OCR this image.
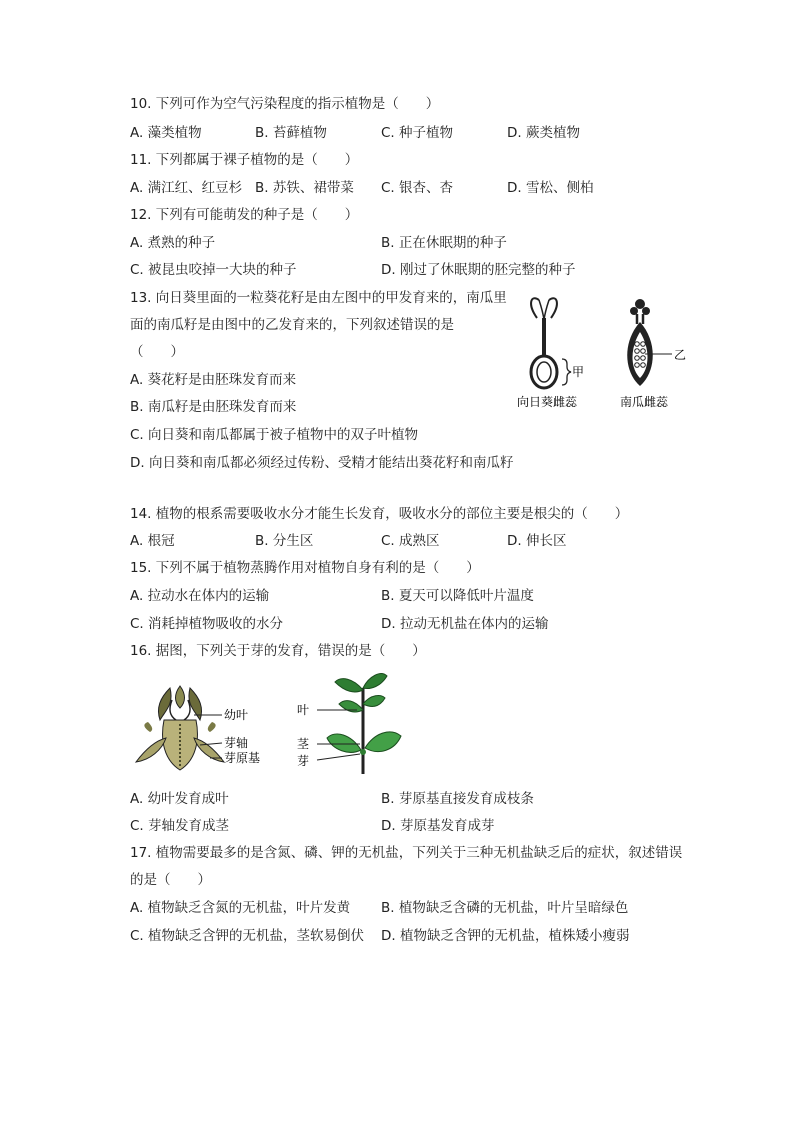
10. 下列可作为空气污染程度的指示植物是（　　）
A. 藻类植物	B. 苔藓植物	C. 种子植物	D. 蕨类植物
11. 下列都属于裸子植物的是（　　）
A. 满江红、红豆杉 B. 苏铁、裙带菜 C. 银杏、杏	D. 雪松、侧柏
12. 下列有可能萌发的种子是（　　）
A. 煮熟的种子	B. 正在休眠期的种子
C. 被昆虫咬掉一大块的种子	D. 刚过了休眠期的胚完整的种子
13. 向日葵里面的一粒葵花籽是由左图中的甲发育来的，南瓜里
面的南瓜籽是由图中的乙发育来的，下列叙述错误的是
（　　）
A. 葵花籽是由胚珠发育而来
B. 南瓜籽是由胚珠发育而来
C. 向日葵和南瓜都属于被子植物中的双子叶植物
D. 向日葵和南瓜都必须经过传粉、受精才能结出葵花籽和南瓜籽
甲
向日葵雌蕊
乙
南瓜雌蕊
14. 植物的根系需要吸收水分才能生长发育，吸收水分的部位主要是根尖的（　　）
A. 根冠	B. 分生区	C. 成熟区	D. 伸长区
15. 下列不属于植物蒸腾作用对植物自身有利的是（　　）
A. 拉动水在体内的运输	B. 夏天可以降低叶片温度
C. 消耗掉植物吸收的水分	D. 拉动无机盐在体内的运输
16. 据图，下列关于芽的发育，错误的是（　　）
幼叶
芽轴
芽原基
叶
茎
芽
A. 幼叶发育成叶	B. 芽原基直接发育成枝条
C. 芽轴发育成茎	D. 芽原基发育成芽
17. 植物需要最多的是含氮、磷、钾的无机盐，下列关于三种无机盐缺乏后的症状，叙述错误
的是（　　）
A. 植物缺乏含氮的无机盐，叶片发黄 B. 植物缺乏含磷的无机盐，叶片呈暗绿色
C. 植物缺乏含钾的无机盐，茎软易倒伏 D. 植物缺乏含钾的无机盐，植株矮小瘦弱
